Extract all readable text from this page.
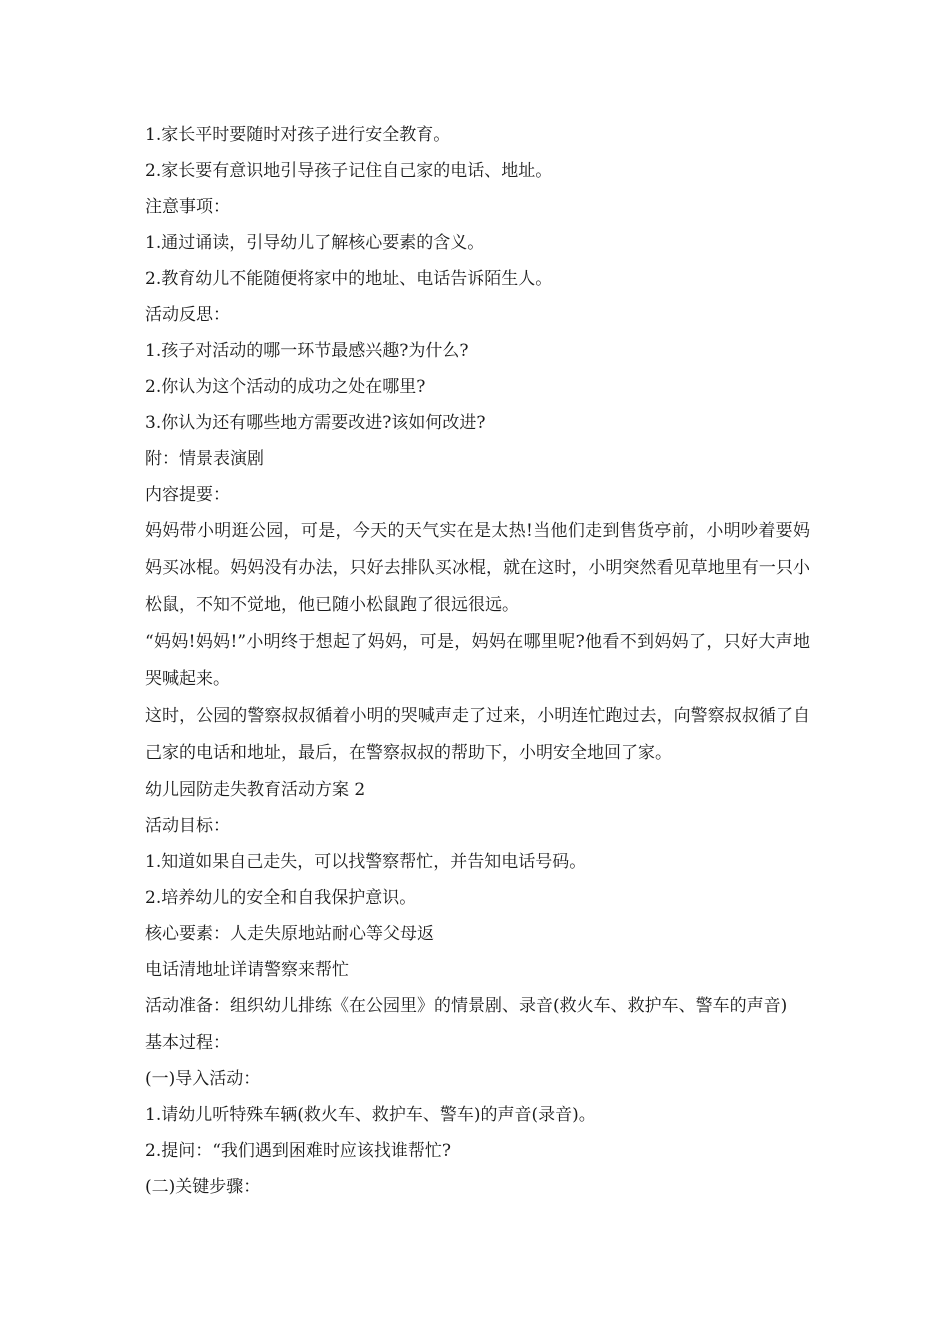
1.家长平时要随时对孩子进行安全教育。

2.家长要有意识地引导孩子记住自己家的电话、地址。

注意事项：

1.通过诵读，引导幼儿了解核心要素的含义。

2.教育幼儿不能随便将家中的地址、电话告诉陌生人。

活动反思：

1.孩子对活动的哪一环节最感兴趣?为什么?

2.你认为这个活动的成功之处在哪里?

3.你认为还有哪些地方需要改进?该如何改进?

附：情景表演剧

内容提要：

妈妈带小明逛公园，可是，今天的天气实在是太热!当他们走到售货亭前，小明吵着要妈妈买冰棍。妈妈没有办法，只好去排队买冰棍，就在这时，小明突然看见草地里有一只小松鼠，不知不觉地，他已随小松鼠跑了很远很远。

“妈妈!妈妈!”小明终于想起了妈妈，可是，妈妈在哪里呢?他看不到妈妈了，只好大声地哭喊起来。

这时，公园的警察叔叔循着小明的哭喊声走了过来，小明连忙跑过去，向警察叔叔循了自己家的电话和地址，最后，在警察叔叔的帮助下，小明安全地回了家。

幼儿园防走失教育活动方案 2

活动目标：

1.知道如果自己走失，可以找警察帮忙，并告知电话号码。

2.培养幼儿的安全和自我保护意识。

核心要素：人走失原地站耐心等父母返

电话清地址详请警察来帮忙

活动准备：组织幼儿排练《在公园里》的情景剧、录音(救火车、救护车、警车的声音)

基本过程：

(一)导入活动：

1.请幼儿听特殊车辆(救火车、救护车、警车)的声音(录音)。

2.提问：“我们遇到困难时应该找谁帮忙?

(二)关键步骤：
